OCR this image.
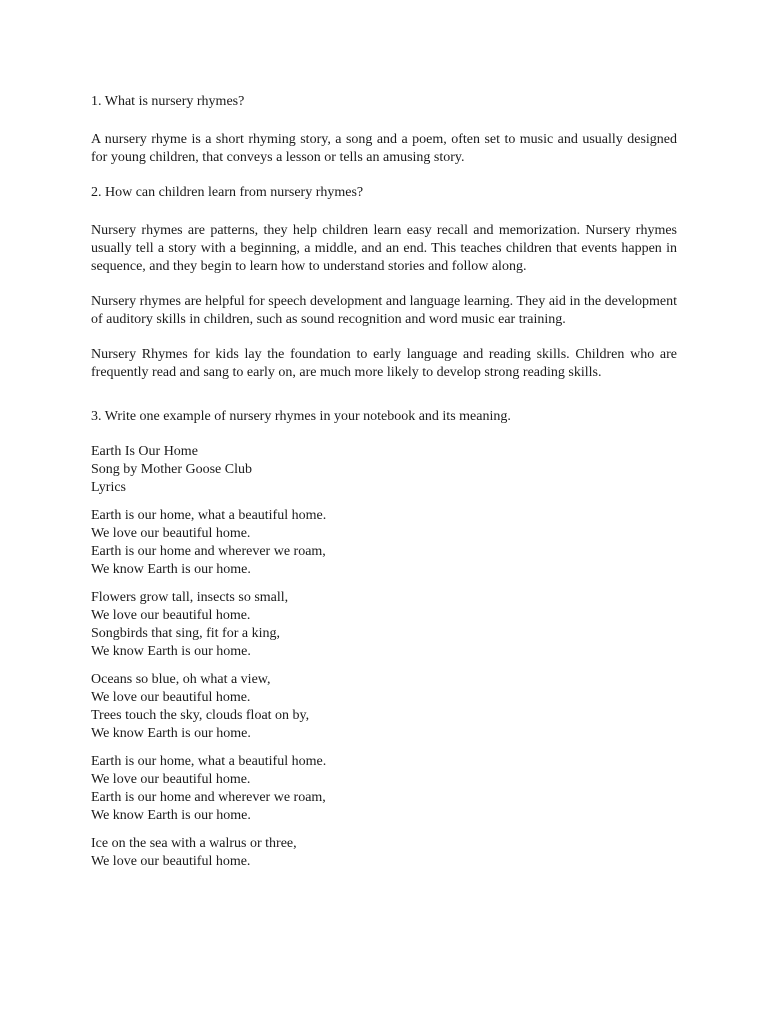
1. What is nursery rhymes?

A nursery rhyme is a short rhyming story, a song and a poem, often set to music and usually designed for young children, that conveys a lesson or tells an amusing story.

2. How can children learn from nursery rhymes?

Nursery rhymes are patterns, they help children learn easy recall and memorization. Nursery rhymes usually tell a story with a beginning, a middle, and an end. This teaches children that events happen in sequence, and they begin to learn how to understand stories and follow along.

Nursery rhymes are helpful for speech development and language learning. They aid in the development of auditory skills in children, such as sound recognition and word music ear training.

Nursery Rhymes for kids lay the foundation to early language and reading skills. Children who are frequently read and sang to early on, are much more likely to develop strong reading skills.

3. Write one example of nursery rhymes in your notebook and its meaning.

Earth Is Our Home
Song by Mother Goose Club
Lyrics
Earth is our home, what a beautiful home.
We love our beautiful home.
Earth is our home and wherever we roam,
We know Earth is our home.
Flowers grow tall, insects so small,
We love our beautiful home.
Songbirds that sing, fit for a king,
We know Earth is our home.
Oceans so blue, oh what a view,
We love our beautiful home.
Trees touch the sky, clouds float on by,
We know Earth is our home.
Earth is our home, what a beautiful home.
We love our beautiful home.
Earth is our home and wherever we roam,
We know Earth is our home.
Ice on the sea with a walrus or three,
We love our beautiful home.
